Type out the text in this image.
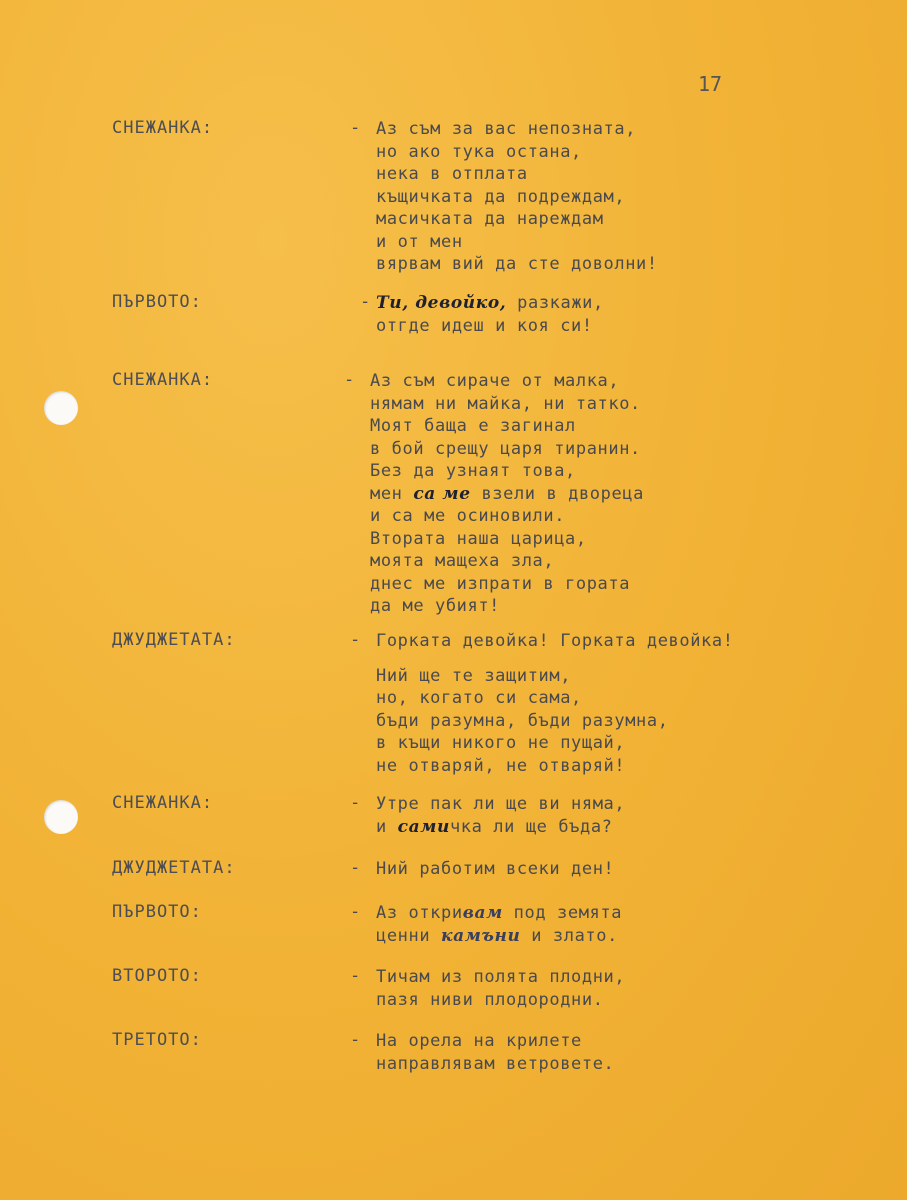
17
СНЕЖАНКА:	- Аз съм за вас непозната,
но ако тука остана,
нека в отплата
къщичката да подреждам,
масичката да нареждам
и от мен
вярвам вий да сте доволни!
ПЪРВОТО:	- Ти, девойко, разкажи,
отгде идеш и коя си!
СНЕЖАНКА:	- Аз съм сираче от малка,
нямам ни майка, ни татко.
Моят баща е загинал
в бой срещу царя тиранин.
Без да узнаят това,
мен са ме взели в двореца
и са ме осиновили.
Втората наша царица,
моята мащеха зла,
днес ме изпрати в гората
да ме убият!
ДЖУДЖЕТАТА:	- Горката девойка! Горката девойка!
Ний ще те защитим,
но, когато си сама,
бъди разумна, бъди разумна,
в къщи никого не пущай,
не отваряй, не отваряй!
СНЕЖАНКА:	- Утре пак ли ще ви няма,
и самичка ли ще бъда?
ДЖУДЖЕТАТА:	- Ний работим всеки ден!
ПЪРВОТО:	- Аз откривам под земята
ценни камъни и злато.
ВТОРОТО:	- Тичам из полята плодни,
пазя ниви плодородни.
ТРЕТОТО:	- На орела на крилете
направлявам ветровете.
